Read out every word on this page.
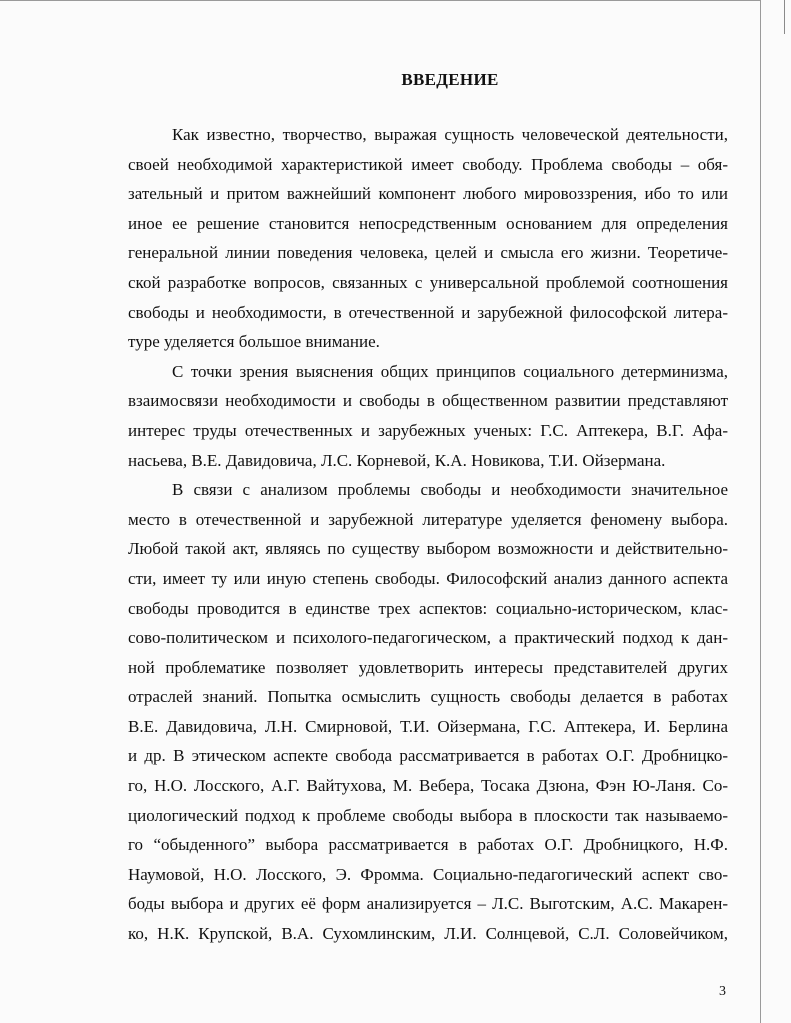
ВВЕДЕНИЕ
Как известно, творчество, выражая сущность человеческой деятельности,
своей необходимой характеристикой имеет свободу. Проблема свободы – обя-
зательный и притом важнейший компонент любого мировоззрения, ибо то или
иное ее решение становится непосредственным основанием для определения
генеральной линии поведения человека, целей и смысла его жизни. Теоретиче-
ской разработке вопросов, связанных с универсальной проблемой соотношения
свободы и необходимости, в отечественной и зарубежной философской литера-
туре уделяется большое внимание.
С точки зрения выяснения общих принципов социального детерминизма,
взаимосвязи необходимости и свободы в общественном развитии представляют
интерес труды отечественных и зарубежных ученых: Г.С. Аптекера, В.Г. Афа-
насьева, В.Е. Давидовича, Л.С. Корневой, К.А. Новикова, Т.И. Ойзермана.
В связи с анализом проблемы свободы и необходимости значительное
место в отечественной и зарубежной литературе уделяется феномену выбора.
Любой такой акт, являясь по существу выбором возможности и действительно-
сти, имеет ту или иную степень свободы. Философский анализ данного аспекта
свободы проводится в единстве трех аспектов: социально-историческом, клас-
сово-политическом и психолого-педагогическом, а практический подход к дан-
ной проблематике позволяет удовлетворить интересы представителей других
отраслей знаний. Попытка осмыслить сущность свободы делается в работах
В.Е. Давидовича, Л.Н. Смирновой, Т.И. Ойзермана, Г.С. Аптекера, И. Берлина
и др. В этическом аспекте свобода рассматривается в работах О.Г. Дробницко-
го, Н.О. Лосского, А.Г. Вайтухова, М. Вебера, Тосака Дзюна, Фэн Ю-Ланя. Со-
циологический подход к проблеме свободы выбора в плоскости так называемо-
го “обыденного” выбора рассматривается в работах О.Г. Дробницкого, Н.Ф.
Наумовой, Н.О. Лосского, Э. Фромма. Социально-педагогический аспект сво-
боды выбора и других её форм анализируется – Л.С. Выготским, А.С. Макарен-
ко, Н.К. Крупской, В.А. Сухомлинским, Л.И. Солнцевой, С.Л. Соловейчиком,
3
